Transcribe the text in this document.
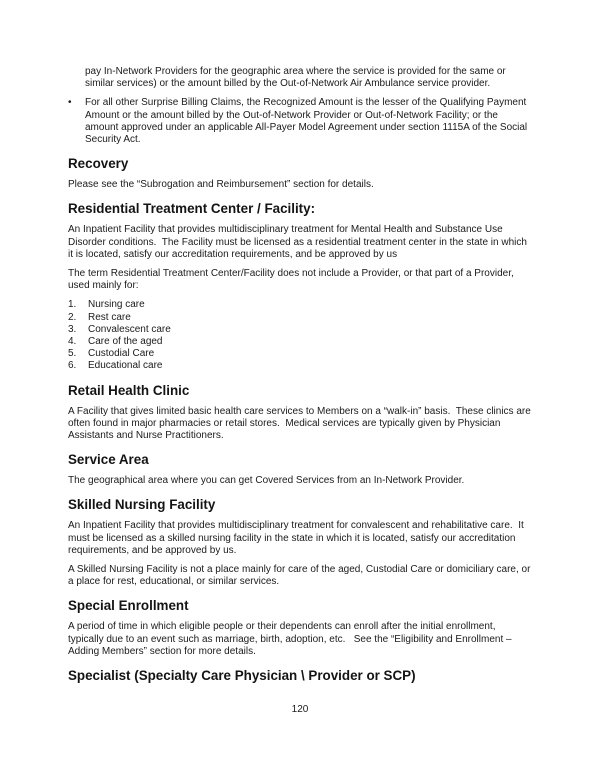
pay In-Network Providers for the geographic area where the service is provided for the same or similar services) or the amount billed by the Out-of-Network Air Ambulance service provider.

•	For all other Surprise Billing Claims, the Recognized Amount is the lesser of the Qualifying Payment Amount or the amount billed by the Out-of-Network Provider or Out-of-Network Facility; or the amount approved under an applicable All-Payer Model Agreement under section 1115A of the Social Security Act.
Recovery

Please see the “Subrogation and Reimbursement” section for details.

Residential Treatment Center / Facility:

An Inpatient Facility that provides multidisciplinary treatment for Mental Health and Substance Use Disorder conditions.  The Facility must be licensed as a residential treatment center in the state in which it is located, satisfy our accreditation requirements, and be approved by us

The term Residential Treatment Center/Facility does not include a Provider, or that part of a Provider, used mainly for:

1.	Nursing care
2.	Rest care
3.	Convalescent care
4.	Care of the aged
5.	Custodial Care
6.	Educational care
Retail Health Clinic

A Facility that gives limited basic health care services to Members on a “walk-in” basis.  These clinics are often found in major pharmacies or retail stores.  Medical services are typically given by Physician Assistants and Nurse Practitioners.

Service Area

The geographical area where you can get Covered Services from an In-Network Provider.

Skilled Nursing Facility

An Inpatient Facility that provides multidisciplinary treatment for convalescent and rehabilitative care.  It must be licensed as a skilled nursing facility in the state in which it is located, satisfy our accreditation requirements, and be approved by us.

A Skilled Nursing Facility is not a place mainly for care of the aged, Custodial Care or domiciliary care, or a place for rest, educational, or similar services.

Special Enrollment

A period of time in which eligible people or their dependents can enroll after the initial enrollment, typically due to an event such as marriage, birth, adoption, etc.   See the “Eligibility and Enrollment – Adding Members” section for more details.

Specialist (Specialty Care Physician \ Provider or SCP)
120
